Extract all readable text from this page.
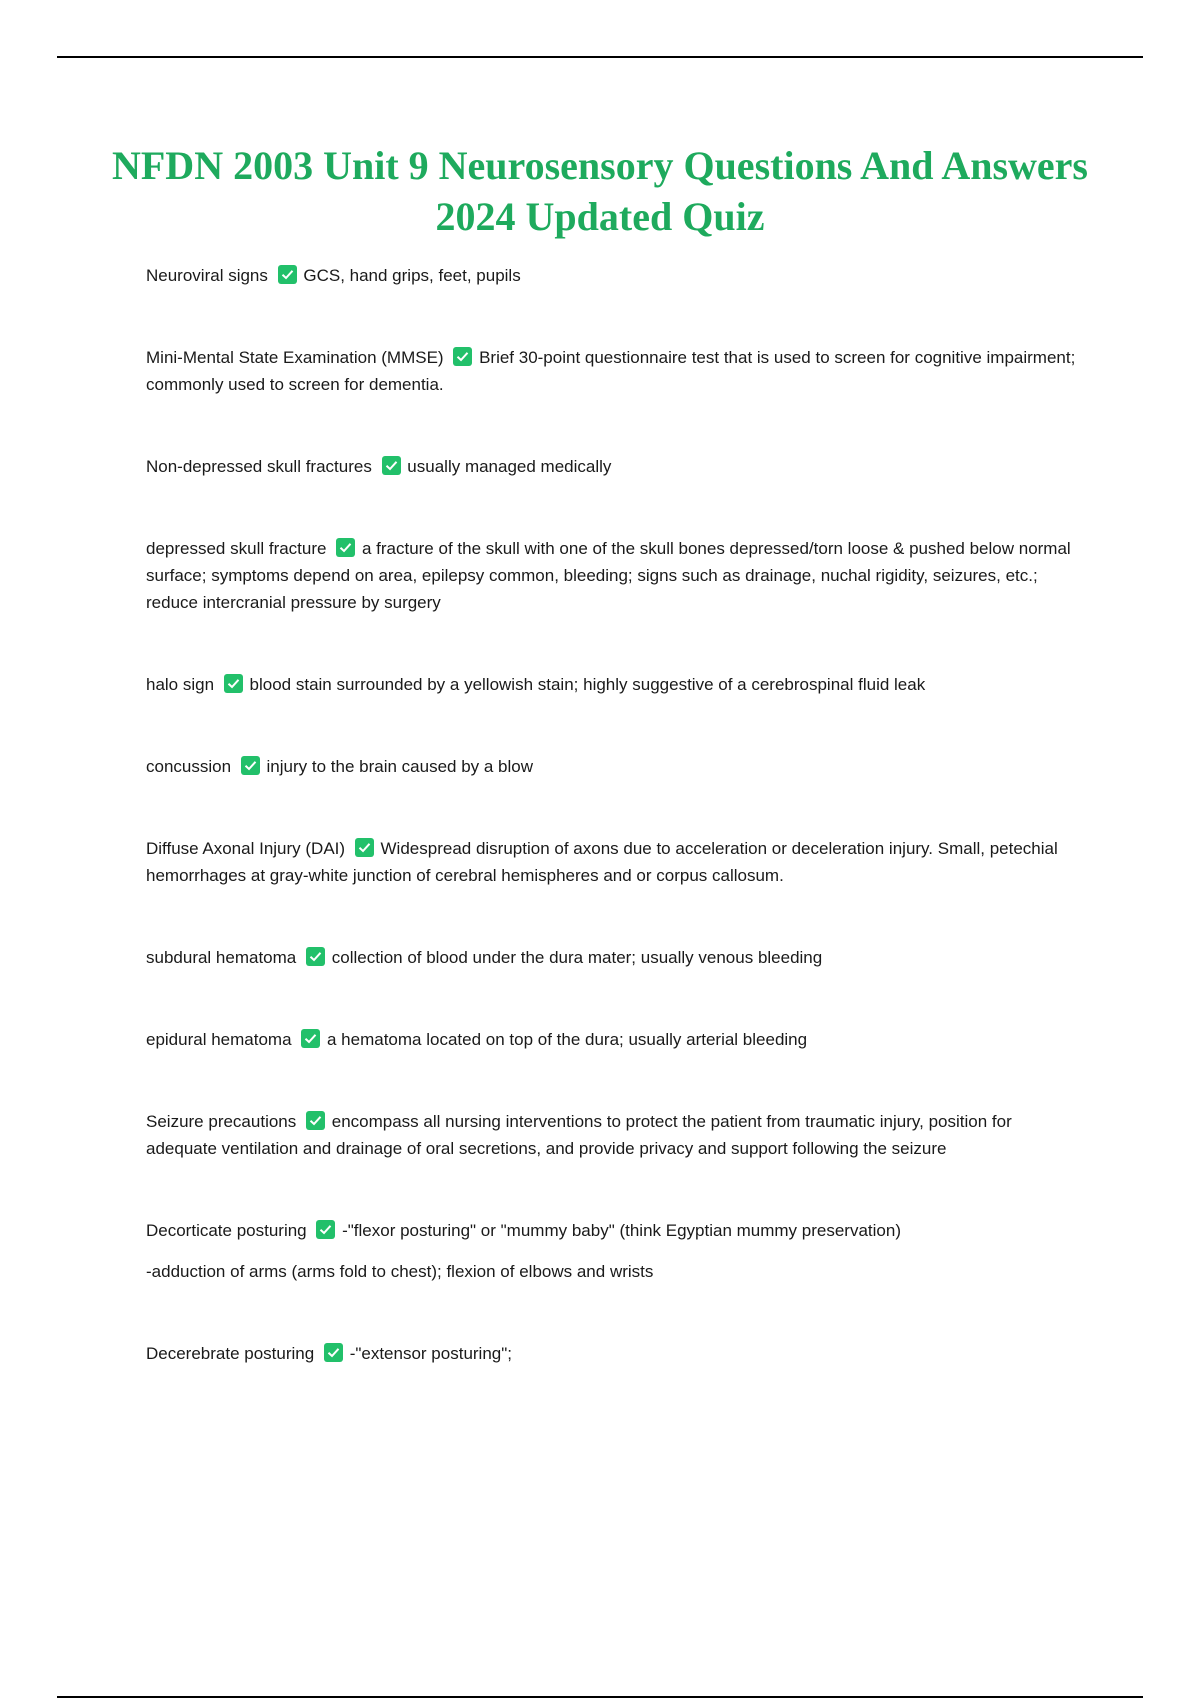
NFDN 2003 Unit 9 Neurosensory Questions And Answers 2024 Updated Quiz

Neuroviral signs GCS, hand grips, feet, pupils

Mini-Mental State Examination (MMSE) Brief 30-point questionnaire test that is used to screen for cognitive impairment; commonly used to screen for dementia.

Non-depressed skull fractures usually managed medically

depressed skull fracture a fracture of the skull with one of the skull bones depressed/torn loose & pushed below normal surface; symptoms depend on area, epilepsy common, bleeding; signs such as drainage, nuchal rigidity, seizures, etc.; reduce intercranial pressure by surgery

halo sign blood stain surrounded by a yellowish stain; highly suggestive of a cerebrospinal fluid leak

concussion injury to the brain caused by a blow

Diffuse Axonal Injury (DAI) Widespread disruption of axons due to acceleration or deceleration injury. Small, petechial hemorrhages at gray-white junction of cerebral hemispheres and or corpus callosum.

subdural hematoma collection of blood under the dura mater; usually venous bleeding

epidural hematoma a hematoma located on top of the dura; usually arterial bleeding

Seizure precautions encompass all nursing interventions to protect the patient from traumatic injury, position for adequate ventilation and drainage of oral secretions, and provide privacy and support following the seizure

Decorticate posturing -"flexor posturing" or "mummy baby" (think Egyptian mummy preservation)

-adduction of arms (arms fold to chest); flexion of elbows and wrists

Decerebrate posturing -"extensor posturing";
